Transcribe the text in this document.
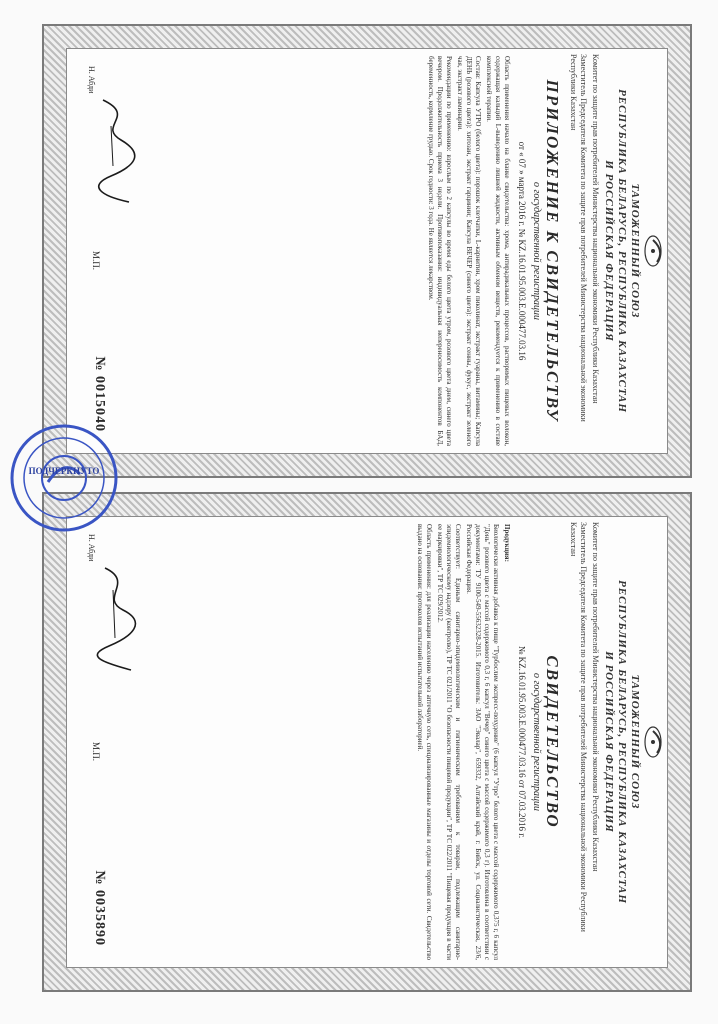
ТАМОЖЕННЫЙ СОЮЗ
РЕСПУБЛИКА БЕЛАРУСЬ, РЕСПУБЛИКА КАЗАХСТАН
И РОССИЙСКАЯ ФЕДЕРАЦИЯ
Комитет по защите прав потребителей Министерства национальной экономики Республики Казахстан
Заместитель Председателя Комитета по защите прав потребителей Министерства национальной экономики Республики Казахстан
ПРИЛОЖЕНИЕ К СВИДЕТЕЛЬСТВУ
о государственной регистрации
от « 07 » марта 2016 г. № KZ.16.01.95.003.Е.000477.03.16
Область применения начало на бланке свидетельства: хрома, антирадикальных процессов, растворимых пищевых волокон, содержащая кальций L-выведению лишней жидкости, активным обменом веществ, рекомендуется к применению в составе комплексной терапии.
Состав: Капсула УТРО (белого цвета): порошок клетчатки, L-карнитин, хром пиколинат, экстракт гуараны, витамины; Капсула ДЕНЬ (розового цвета): хитозан, экстракт гарцинии; Капсула ВЕЧЕР (синего цвета): экстракт сенны, фукус, экстракт зеленого чая, экстракт ламинарии.
Рекомендации по применению: взрослым по 2 капсулы во время еды белого цвета утром, розового цвета днем, синего цвета вечером. Продолжительность приема 3 недели. Противопоказания: индивидуальная непереносимость компонентов БАД, беременность, кормление грудью. Срок годности: 3 года. Не является лекарством.
Н. Абди
М.П.
№ 0015040
ТАМОЖЕННЫЙ СОЮЗ
РЕСПУБЛИКА БЕЛАРУСЬ, РЕСПУБЛИКА КАЗАХСТАН
И РОССИЙСКАЯ ФЕДЕРАЦИЯ
Комитет по защите прав потребителей Министерства национальной экономики Республики Казахстан
Заместитель Председателя Комитета по защите прав потребителей Министерства национальной экономики Республики Казахстан
СВИДЕТЕЛЬСТВО
о государственной регистрации
№ KZ.16.01.95.003.Е.000477.03.16 от 07.03.2016 г.
Продукция:
Биологически активная добавка к пище "Турбослим экспресс-похудение" (6 капсул "Утро" белого цвета с массой содержимого 0,375 г, 6 капсул "День" розового цвета с массой содержимого 0,3 г, 6 капсул "Вечер" синего цвета с массой содержимого 0,3 г). Изготовлена в соответствии с документами: ТУ 9100-549-55632328-2015. Изготовитель: ЗАО "Эвалар", 659332, Алтайский край, г. Бийск, ул. Социалистическая, 23/6, Российская Федерация.
Соответствует: Единым санитарно-эпидемиологическим и гигиеническим требованиям к товарам, подлежащим санитарно-эпидемиологическому надзору (контролю), ТР ТС 021/2011 "О безопасности пищевой продукции", ТР ТС 022/2011 "Пищевая продукция в части ее маркировки", ТР ТС 029/2012.
Область применения: для реализации населению через аптечную сеть, специализированные магазины и отделы торговой сети. Свидетельство выдано на основании: протоколов испытаний испытательной лабораторией.
Н. Абди
М.П.
№ 0035890
ПОДЧЕРКНУТО
